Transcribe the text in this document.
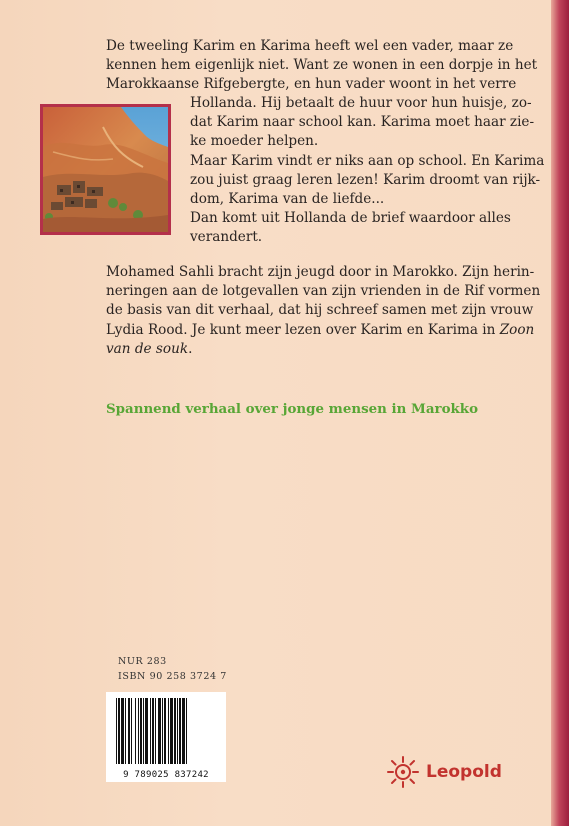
De tweeling Karim en Karima heeft wel een vader, maar ze
kennen hem eigenlijk niet. Want ze wonen in een dorpje in het
Marokkaanse Rifgebergte, en hun vader woont in het verre
Hollanda. Hij betaalt de huur voor hun huisje, zo-
dat Karim naar school kan. Karima moet haar zie-
ke moeder helpen.
Maar Karim vindt er niks aan op school. En Karima
zou juist graag leren lezen! Karim droomt van rijk-
dom, Karima van de liefde...
Dan komt uit Hollanda de brief waardoor alles
verandert.
Mohamed Sahli bracht zijn jeugd door in Marokko. Zijn herin-
neringen aan de lotgevallen van zijn vrienden in de Rif vormen
de basis van dit verhaal, dat hij schreef samen met zijn vrouw
Lydia Rood. Je kunt meer lezen over Karim en Karima in Zoon
van de souk.
Spannend verhaal over jonge mensen in Marokko
NUR 283
ISBN 90 258 3724 7
9 789025 837242	Leopold
